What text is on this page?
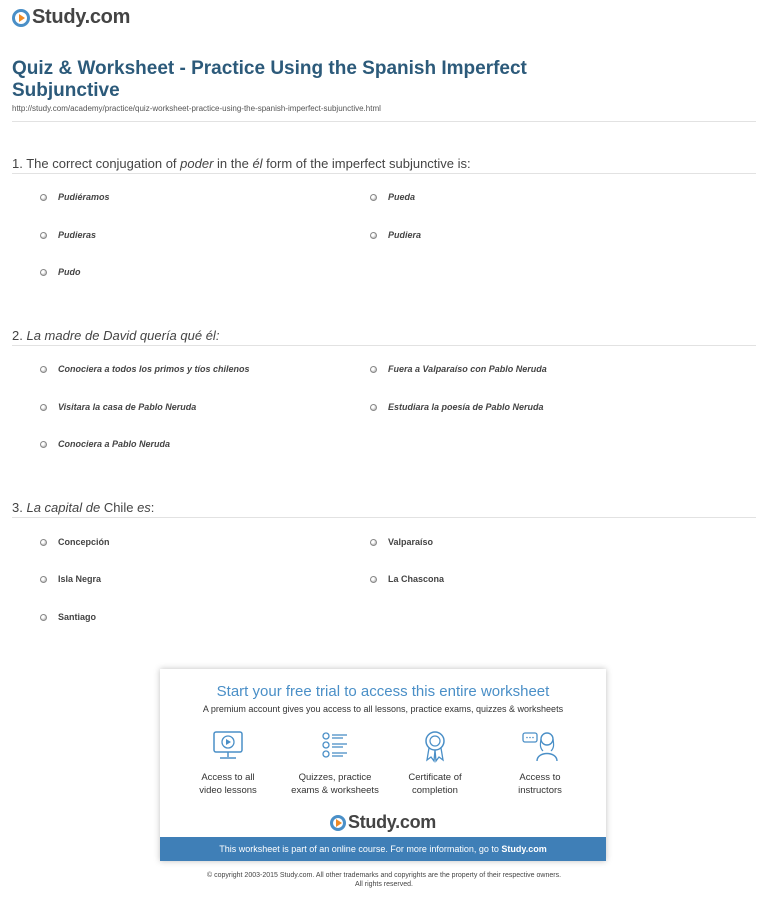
Study.com
Quiz & Worksheet - Practice Using the Spanish Imperfect Subjunctive
http://study.com/academy/practice/quiz-worksheet-practice-using-the-spanish-imperfect-subjunctive.html
1. The correct conjugation of poder in the él form of the imperfect subjunctive is:
Pudiéramos	Pueda
Pudieras	Pudiera
Pudo
2. La madre de David quería qué él:
Conociera a todos los primos y tíos chilenos	Fuera a Valparaíso con Pablo Neruda
Visitara la casa de Pablo Neruda	Estudiara la poesía de Pablo Neruda
Conociera a Pablo Neruda
3. La capital de Chile es:
Concepción	Valparaíso
Isla Negra	La Chascona
Santiago
Start your free trial to access this entire worksheet
A premium account gives you access to all lessons, practice exams, quizzes & worksheets
Access to all
video lessons
Quizzes, practice
exams & worksheets
Certificate of
completion
Access to
instructors
Study.com
This worksheet is part of an online course. For more information, go to Study.com
© copyright 2003-2015 Study.com. All other trademarks and copyrights are the property of their respective owners.
All rights reserved.
